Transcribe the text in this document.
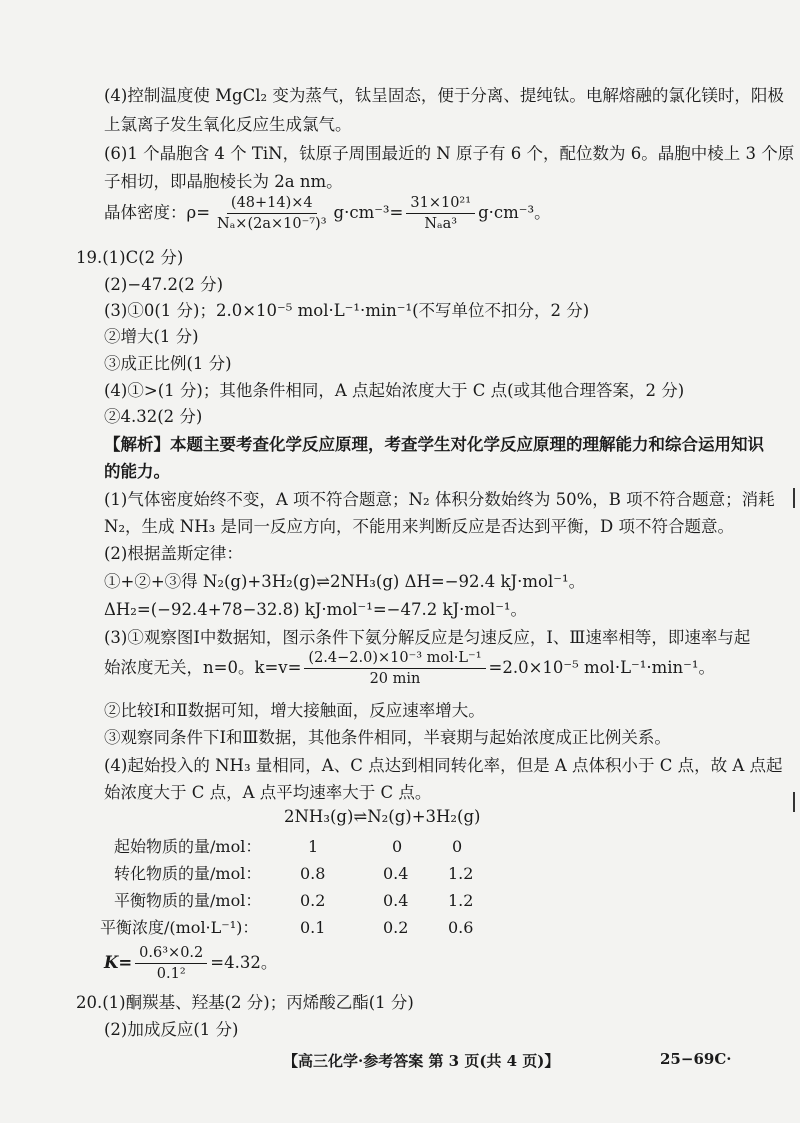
(4)控制温度使 MgCl₂ 变为蒸气，钛呈固态，便于分离、提纯钛。电解熔融的氯化镁时，阳极
上氯离子发生氧化反应生成氯气。
(6)1 个晶胞含 4 个 TiN，钛原子周围最近的 N 原子有 6 个，配位数为 6。晶胞中棱上 3 个原
子相切，即晶胞棱长为 2a nm。
晶体密度：$\rho= \frac{(48+14)\times 4}{\text{Nₐ×(2a×10⁻⁷)³}} g\cdot cm^{-3}= \frac{\text{31×10²¹}}{\text{Nₐa³}} g\cdot cm^{-3}$。
19.(1)C(2 分)
(2)−47.2(2 分)
(3)①0(1 分)；2.0×10⁻⁵ mol·L⁻¹·min⁻¹(不写单位不扣分，2 分)
②增大(1 分)
③成正比例(1 分)
(4)①>(1 分)；其他条件相同，A 点起始浓度大于 C 点(或其他合理答案，2 分)
②4.32(2 分)
【解析】本题主要考查化学反应原理，考查学生对化学反应原理的理解能力和综合运用知识
的能力。
(1)气体密度始终不变，A 项不符合题意；N₂ 体积分数始终为 50%，B 项不符合题意；消耗
N₂，生成 NH₃ 是同一反应方向，不能用来判断反应是否达到平衡，D 项不符合题意。
(2)根据盖斯定律：
①+②+③得 N₂(g)+3H₂(g)⇌2NH₃(g) ΔH=−92.4 kJ·mol⁻¹。
ΔH₂=(−92.4+78−32.8) kJ·mol⁻¹=−47.2 kJ·mol⁻¹。
(3)①观察图Ⅰ中数据知，图示条件下氨分解反应是匀速反应，Ⅰ、Ⅲ速率相等，即速率与起
始浓度无关，n=0。$k=v= \frac{\text{(2.4−2.0)×10⁻³ mol·L⁻¹}}{20 \min} =2.0\times 10^{-5}$ mol·L⁻¹·min⁻¹。
②比较Ⅰ和Ⅱ数据可知，增大接触面，反应速率增大。
③观察同条件下Ⅰ和Ⅲ数据，其他条件相同，半衰期与起始浓度成正比例关系。
(4)起始投入的 NH₃ 量相同，A、C 点达到相同转化率，但是 A 点体积小于 C 点，故 A 点起
始浓度大于 C 点，A 点平均速率大于 C 点。
2NH₃(g)⇌N₂(g)+3H₂(g)
起始物质的量/mol：	1	0	0
转化物质的量/mol： 0.8	0.4 1.2
平衡物质的量/mol： 0.2	0.4 1.2
平衡浓度/(mol·L⁻¹)：	0.1	0.2 0.6
$K= \frac{\text{0.6³×0.2}}{\text{0.1²}} =4.32$。
20.(1)酮羰基、羟基(2 分)；丙烯酸乙酯(1 分)
(2)加成反应(1 分)
【高三化学·参考答案 第 3 页(共 4 页)】	25−69C·
